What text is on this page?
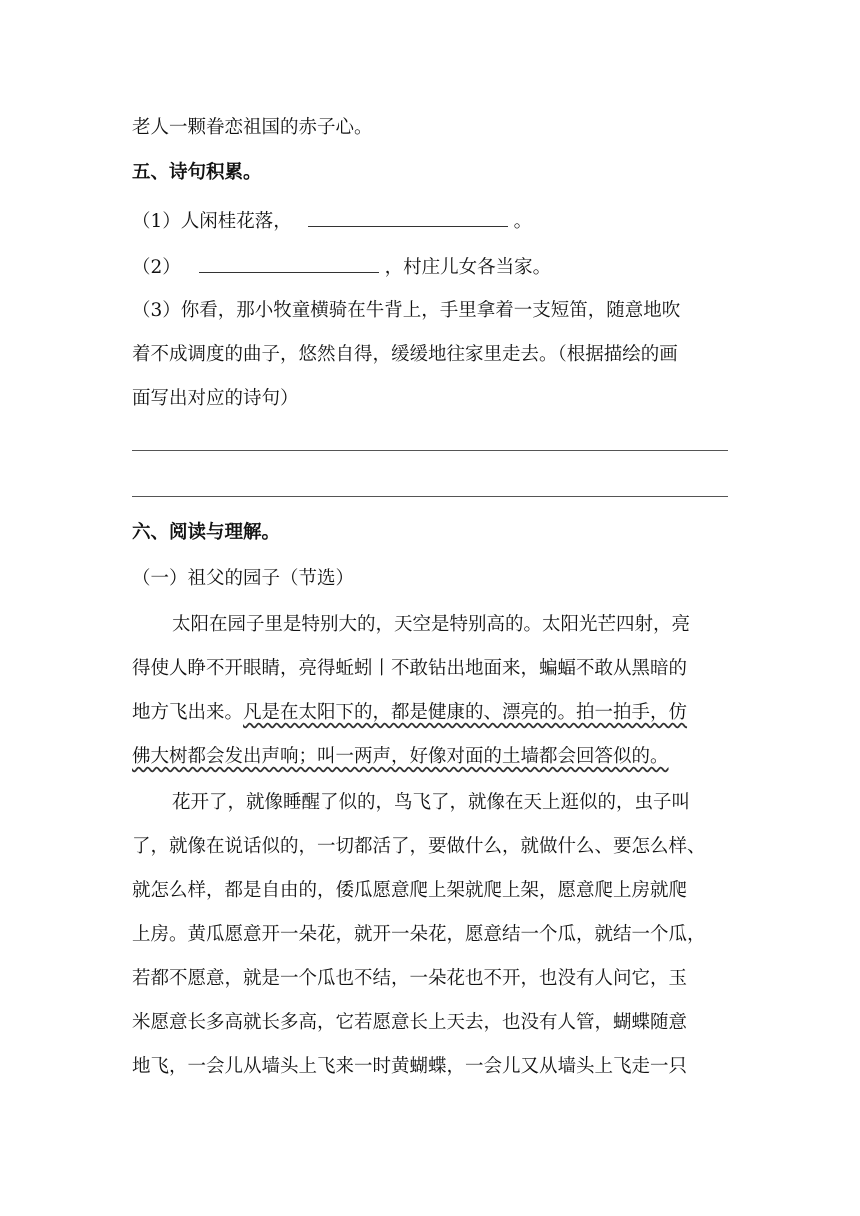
老人一颗眷恋祖国的赤子心。
五、诗句积累。
（1）人闲桂花落，	。
（2）	，村庄儿女各当家。
（3）你看，那小牧童横骑在牛背上，手里拿着一支短笛，随意地吹
着不成调度的曲子，悠然自得，缓缓地往家里走去。（根据描绘的画
面写出对应的诗句）
六、阅读与理解。
（一）祖父的园子（节选）
太阳在园子里是特别大的，天空是特别高的。太阳光芒四射，亮
得使人睁不开眼睛，亮得蚯蚓丨不敢钻出地面来，蝙蝠不敢从黑暗的
地方飞出来。凡是在太阳下的，都是健康的、漂亮的。拍一拍手，仿
佛大树都会发出声响；叫一两声，好像对面的土墙都会回答似的。
花开了，就像睡醒了似的，鸟飞了，就像在天上逛似的，虫子叫
了，就像在说话似的，一切都活了，要做什么，就做什么、要怎么样、
就怎么样，都是自由的，倭瓜愿意爬上架就爬上架，愿意爬上房就爬
上房。黄瓜愿意开一朵花，就开一朵花，愿意结一个瓜，就结一个瓜，
若都不愿意，就是一个瓜也不结，一朵花也不开，也没有人问它，玉
米愿意长多高就长多高，它若愿意长上天去，也没有人管，蝴蝶随意
地飞，一会儿从墙头上飞来一时黄蝴蝶，一会儿又从墙头上飞走一只
